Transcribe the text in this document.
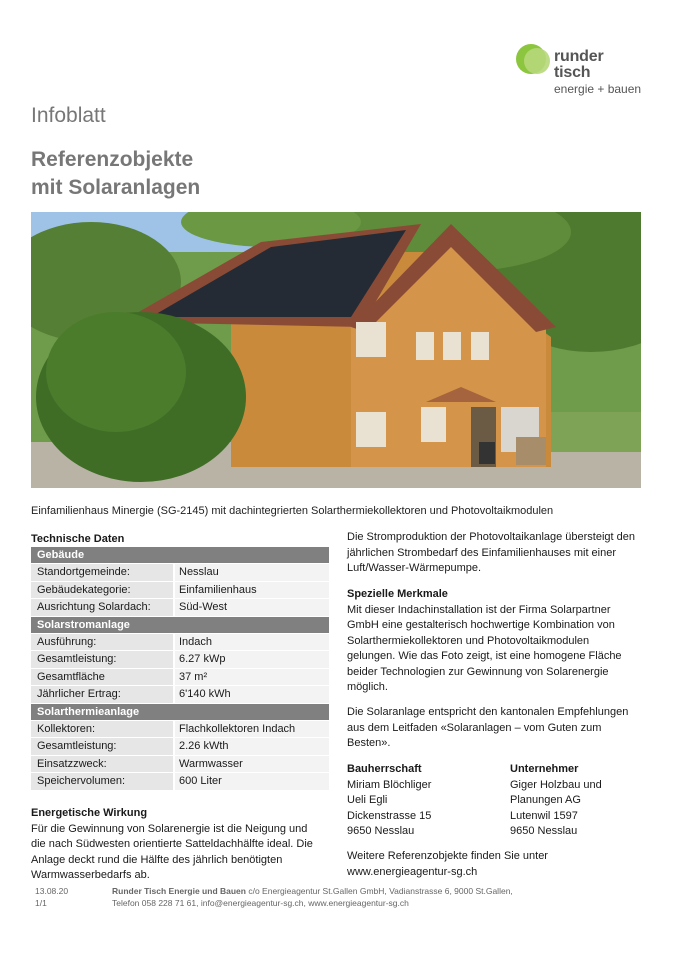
runder
tisch
energie + bauen
Infoblatt
Referenzobjekte
mit Solaranlagen
Einfamilienhaus Minergie (SG-2145) mit dachintegrierten Solarthermiekollektoren und Photovoltaikmodulen
Technische Daten
Gebäude
Standortgemeinde:	Nesslau
Gebäudekategorie:	Einfamilienhaus
Ausrichtung Solardach:	Süd-West
Solarstromanlage
Ausführung:	Indach
Gesamtleistung:	6.27 kWp
Gesamtfläche	37 m²
Jährlicher Ertrag:	6'140 kWh
Solarthermieanlage
Kollektoren:	Flachkollektoren Indach
Gesamtleistung:	2.26 kWth
Einsatzzweck:	Warmwasser
Speichervolumen:	600 Liter
Energetische Wirkung
Für die Gewinnung von Solarenergie ist die Neigung und
die nach Südwesten orientierte Satteldachhälfte ideal. Die
Anlage deckt rund die Hälfte des jährlich benötigten
Warmwasserbedarfs ab.
Die Stromproduktion der Photovoltaikanlage übersteigt den
jährlichen Strombedarf des Einfamilienhauses mit einer
Luft/Wasser-Wärmepumpe.
Spezielle Merkmale
Mit dieser Indachinstallation ist der Firma Solarpartner
GmbH eine gestalterisch hochwertige Kombination von
Solarthermiekollektoren und Photovoltaikmodulen
gelungen. Wie das Foto zeigt, ist eine homogene Fläche
beider Technologien zur Gewinnung von Solarenergie
möglich.
Die Solaranlage entspricht den kantonalen Empfehlungen
aus dem Leitfaden «Solaranlagen – vom Guten zum
Besten».
Bauherrschaft
Miriam Blöchliger
Ueli Egli
Dickenstrasse 15
9650 Nesslau
Unternehmer
Giger Holzbau und
Planungen AG
Lutenwil 1597
9650 Nesslau
Weitere Referenzobjekte finden Sie unter
www.energieagentur-sg.ch
13.08.20
1/1
Runder Tisch Energie und Bauen c/o Energieagentur St.Gallen GmbH, Vadianstrasse 6, 9000 St.Gallen,
Telefon 058 228 71 61, info@energieagentur-sg.ch, www.energieagentur-sg.ch
